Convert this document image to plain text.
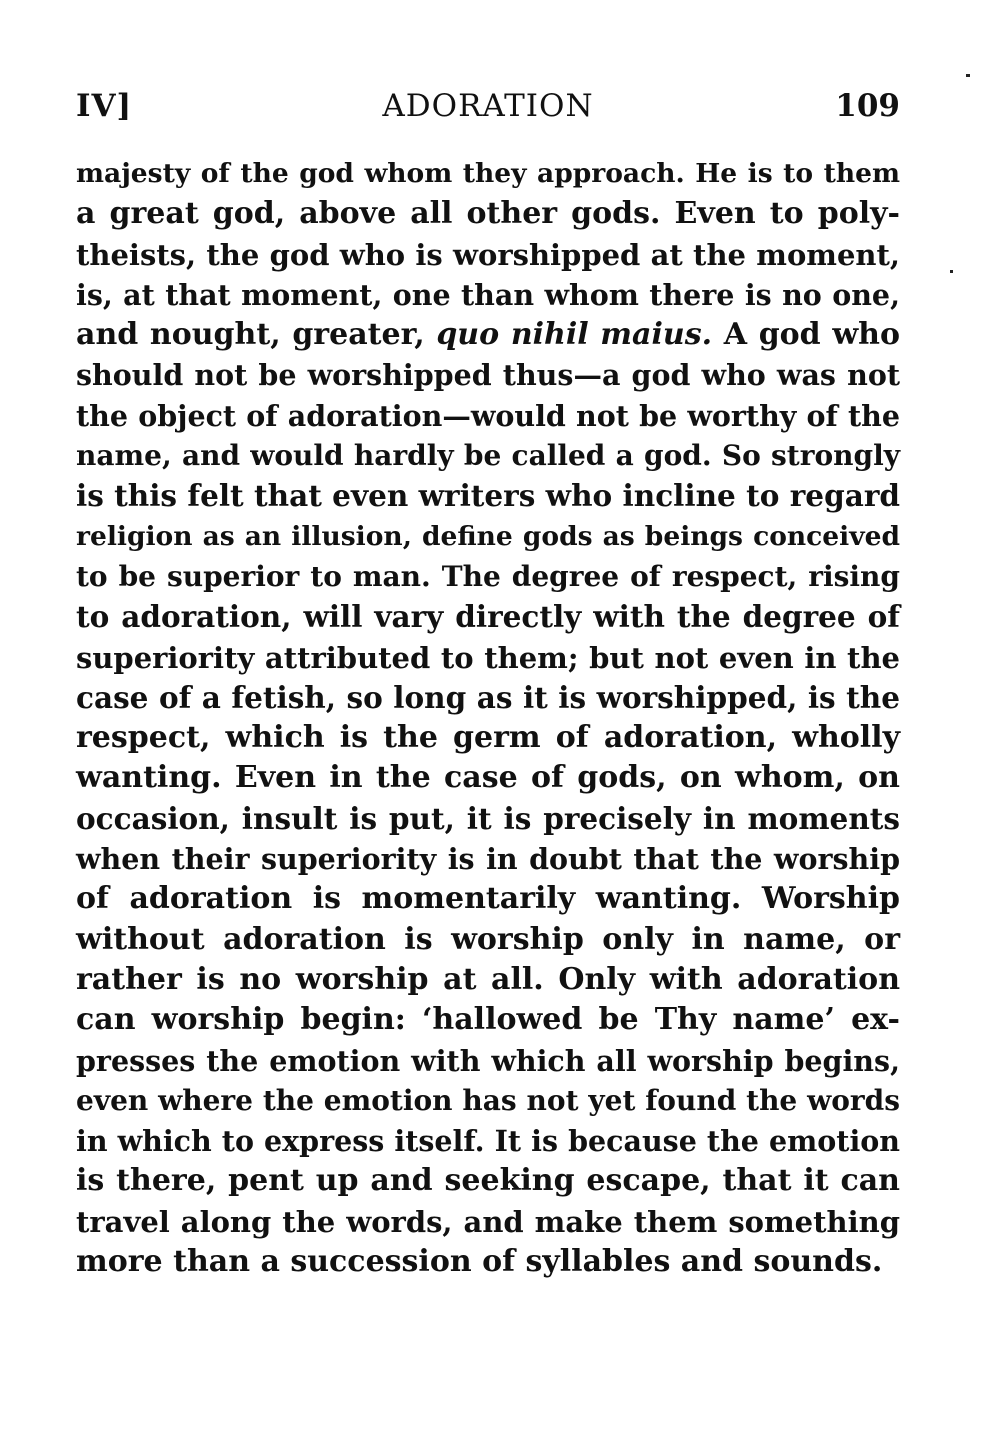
IV]	ADORATION	109
majesty of the god whom they approach. He is to them
a great god, above all other gods. Even to poly-
theists, the god who is worshipped at the moment,
is, at that moment, one than whom there is no one,
and nought, greater, quo nihil maius. A god who
should not be worshipped thus—a god who was not
the object of adoration—would not be worthy of the
name, and would hardly be called a god. So strongly
is this felt that even writers who incline to regard
religion as an illusion, define gods as beings conceived
to be superior to man. The degree of respect, rising
to adoration, will vary directly with the degree of
superiority attributed to them; but not even in the
case of a fetish, so long as it is worshipped, is the
respect, which is the germ of adoration, wholly
wanting. Even in the case of gods, on whom, on
occasion, insult is put, it is precisely in moments
when their superiority is in doubt that the worship
of adoration is momentarily wanting. Worship
without adoration is worship only in name, or
rather is no worship at all. Only with adoration
can worship begin: ‘hallowed be Thy name’ ex-
presses the emotion with which all worship begins,
even where the emotion has not yet found the words
in which to express itself. It is because the emotion
is there, pent up and seeking escape, that it can
travel along the words, and make them something
more than a succession of syllables and sounds.
